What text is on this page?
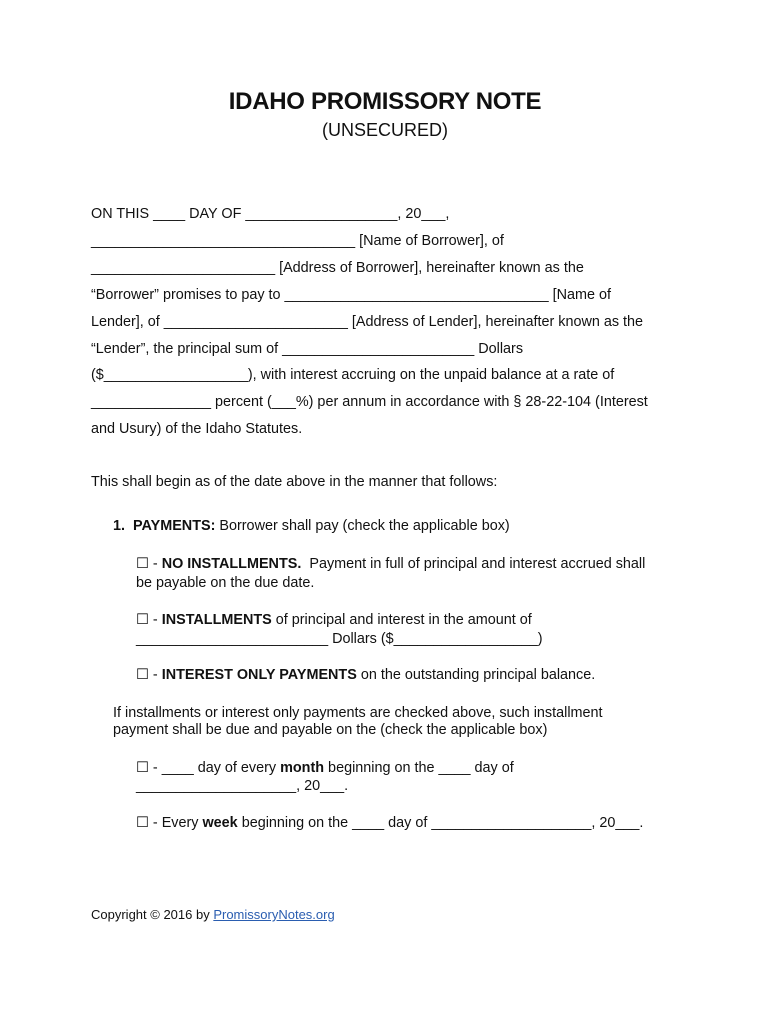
IDAHO PROMISSORY NOTE
(UNSECURED)
ON THIS ____ DAY OF ___________________, 20___,
_________________________________ [Name of Borrower], of
_______________________ [Address of Borrower], hereinafter known as the
“Borrower” promises to pay to _________________________________ [Name of
Lender], of _______________________ [Address of Lender], hereinafter known as the
“Lender”, the principal sum of ________________________ Dollars
($__________________), with interest accruing on the unpaid balance at a rate of
_______________ percent (___%) per annum in accordance with § 28-22-104 (Interest
and Usury) of the Idaho Statutes.
This shall begin as of the date above in the manner that follows:
1. PAYMENTS: Borrower shall pay (check the applicable box)
☐ - NO INSTALLMENTS.  Payment in full of principal and interest accrued shall
be payable on the due date.
☐ - INSTALLMENTS of principal and interest in the amount of
________________________ Dollars ($__________________)
☐ - INTEREST ONLY PAYMENTS on the outstanding principal balance.
If installments or interest only payments are checked above, such installment
payment shall be due and payable on the (check the applicable box)
☐ - ____ day of every month beginning on the ____ day of
____________________, 20___.
☐ - Every week beginning on the ____ day of ____________________, 20___.
Copyright © 2016 by PromissoryNotes.org
